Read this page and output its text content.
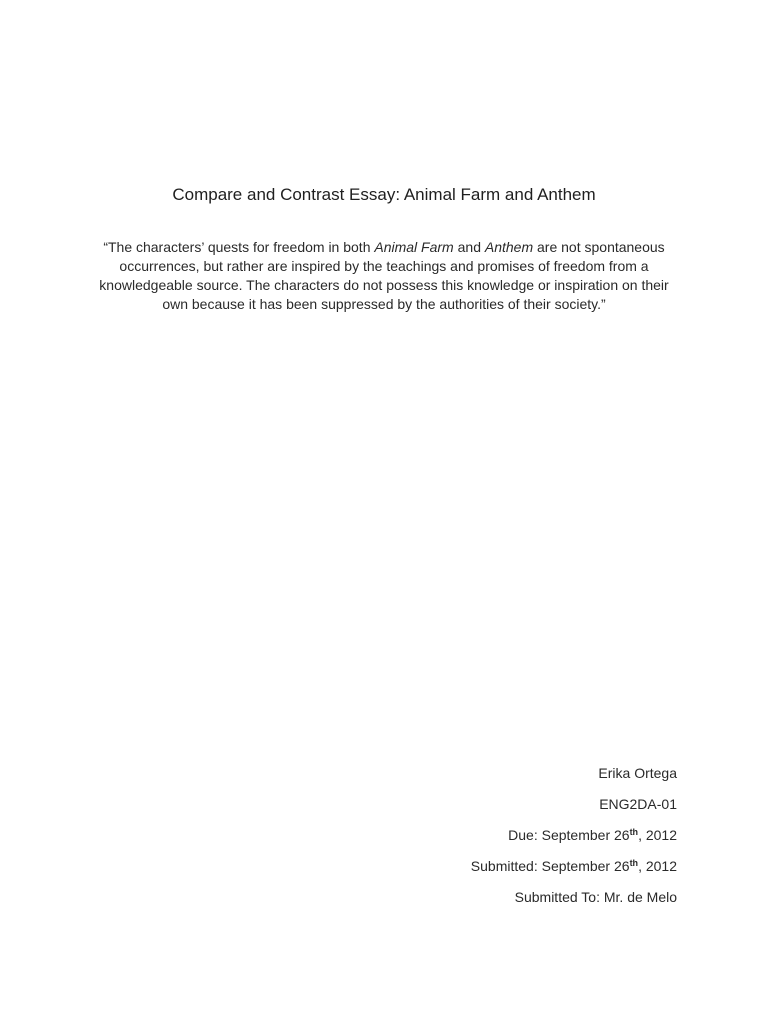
Compare and Contrast Essay: Animal Farm and Anthem
“The characters’ quests for freedom in both Animal Farm and Anthem are not spontaneous occurrences, but rather are inspired by the teachings and promises of freedom from a knowledgeable source. The characters do not possess this knowledge or inspiration on their own because it has been suppressed by the authorities of their society.”
Erika Ortega
ENG2DA-01
Due: September 26th, 2012
Submitted: September 26th, 2012
Submitted To: Mr. de Melo
